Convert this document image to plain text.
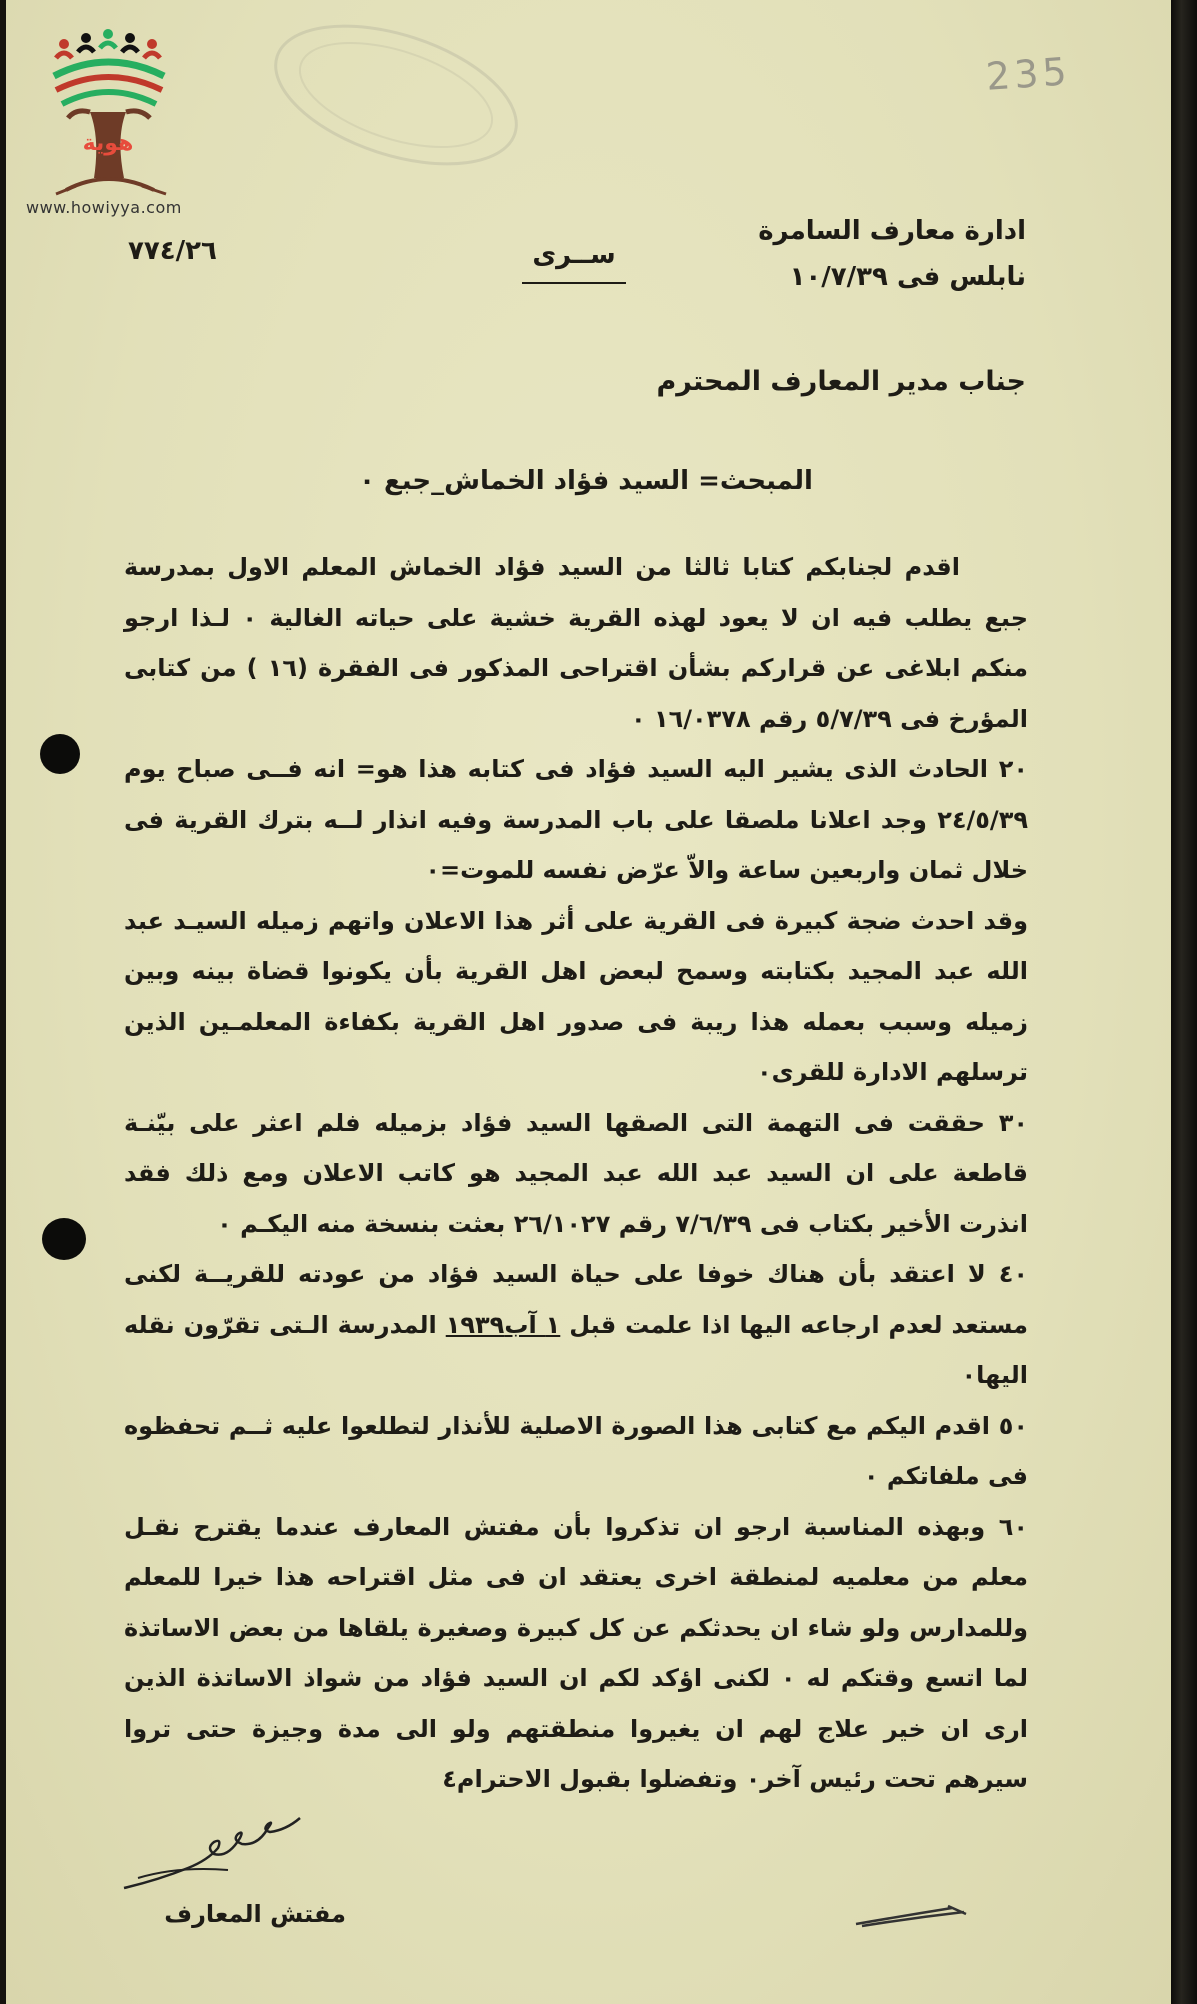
235
هوية
www.howiyya.com
٧٧٤/٢٦	ســرى
ادارة معارف السامرة
نابلس فى ١٠/٧/٣٩
جناب مدير المعارف المحترم
المبحث= السيد فؤاد الخماش_جبع ٠

اقدم لجنابكم كتابا ثالثا من السيد فؤاد الخماش المعلم الاول بمدرسة جبع يطلب فيه ان لا يعود لهذه القرية خشية على حياته الغالية ٠ لـذا ارجو منكم ابلاغى عن قراركم بشأن اقتراحى المذكور فى الفقرة (١٦ ) من كتابى المؤرخ فى ٥/٧/٣٩ رقم ١٦/٠٣٧٨ ٠

٢٠ الحادث الذى يشير اليه السيد فؤاد فى كتابه هذا هو= انه فــى صباح يوم ٢٤/٥/٣٩ وجد اعلانا ملصقا على باب المدرسة وفيه انذار لــه بترك القرية فى خلال ثمان واربعين ساعة والاّ عرّض نفسه للموت=٠

وقد احدث ضجة كبيرة فى القرية على أثر هذا الاعلان واتهم زميله السيـد عبد الله عبد المجيد بكتابته وسمح لبعض اهل القرية بأن يكونوا قضاة بينه وبين زميله وسبب بعمله هذا ريبة فى صدور اهل القرية بكفاءة المعلمـين الذين ترسلهم الادارة للقرى٠

٣٠ حققت فى التهمة التى الصقها السيد فؤاد بزميله فلم اعثر على بيّنـة قاطعة على ان السيد عبد الله عبد المجيد هو كاتب الاعلان ومع ذلك فقد انذرت الأخير بكتاب فى ٧/٦/٣٩ رقم ٢٦/١٠٢٧ بعثت بنسخة منه اليكـم ٠

٤٠ لا اعتقد بأن هناك خوفا على حياة السيد فؤاد من عودته للقريــة لكنى مستعد لعدم ارجاعه اليها اذا علمت قبل ١ آب١٩٣٩ المدرسة الـتى تقرّون نقله اليها٠

٥٠ اقدم اليكم مع كتابى هذا الصورة الاصلية للأنذار لتطلعوا عليه ثــم تحفظوه فى ملفاتكم ٠

٦٠ وبهذه المناسبة ارجو ان تذكروا بأن مفتش المعارف عندما يقترح نقـل معلم من معلميه لمنطقة اخرى يعتقد ان فى مثل اقتراحه هذا خيرا للمعلم وللمدارس ولو شاء ان يحدثكم عن كل كبيرة وصغيرة يلقاها من بعض الاساتذة لما اتسع وقتكم له ٠ لكنى اؤكد لكم ان السيد فؤاد من شواذ الاساتذة الذين ارى ان خير علاج لهم ان يغيروا منطقتهم ولو الى مدة وجيزة حتى تروا سيرهم تحت رئيس آخر٠ وتفضلوا بقبول الاحترام٤

مفتش المعارف
